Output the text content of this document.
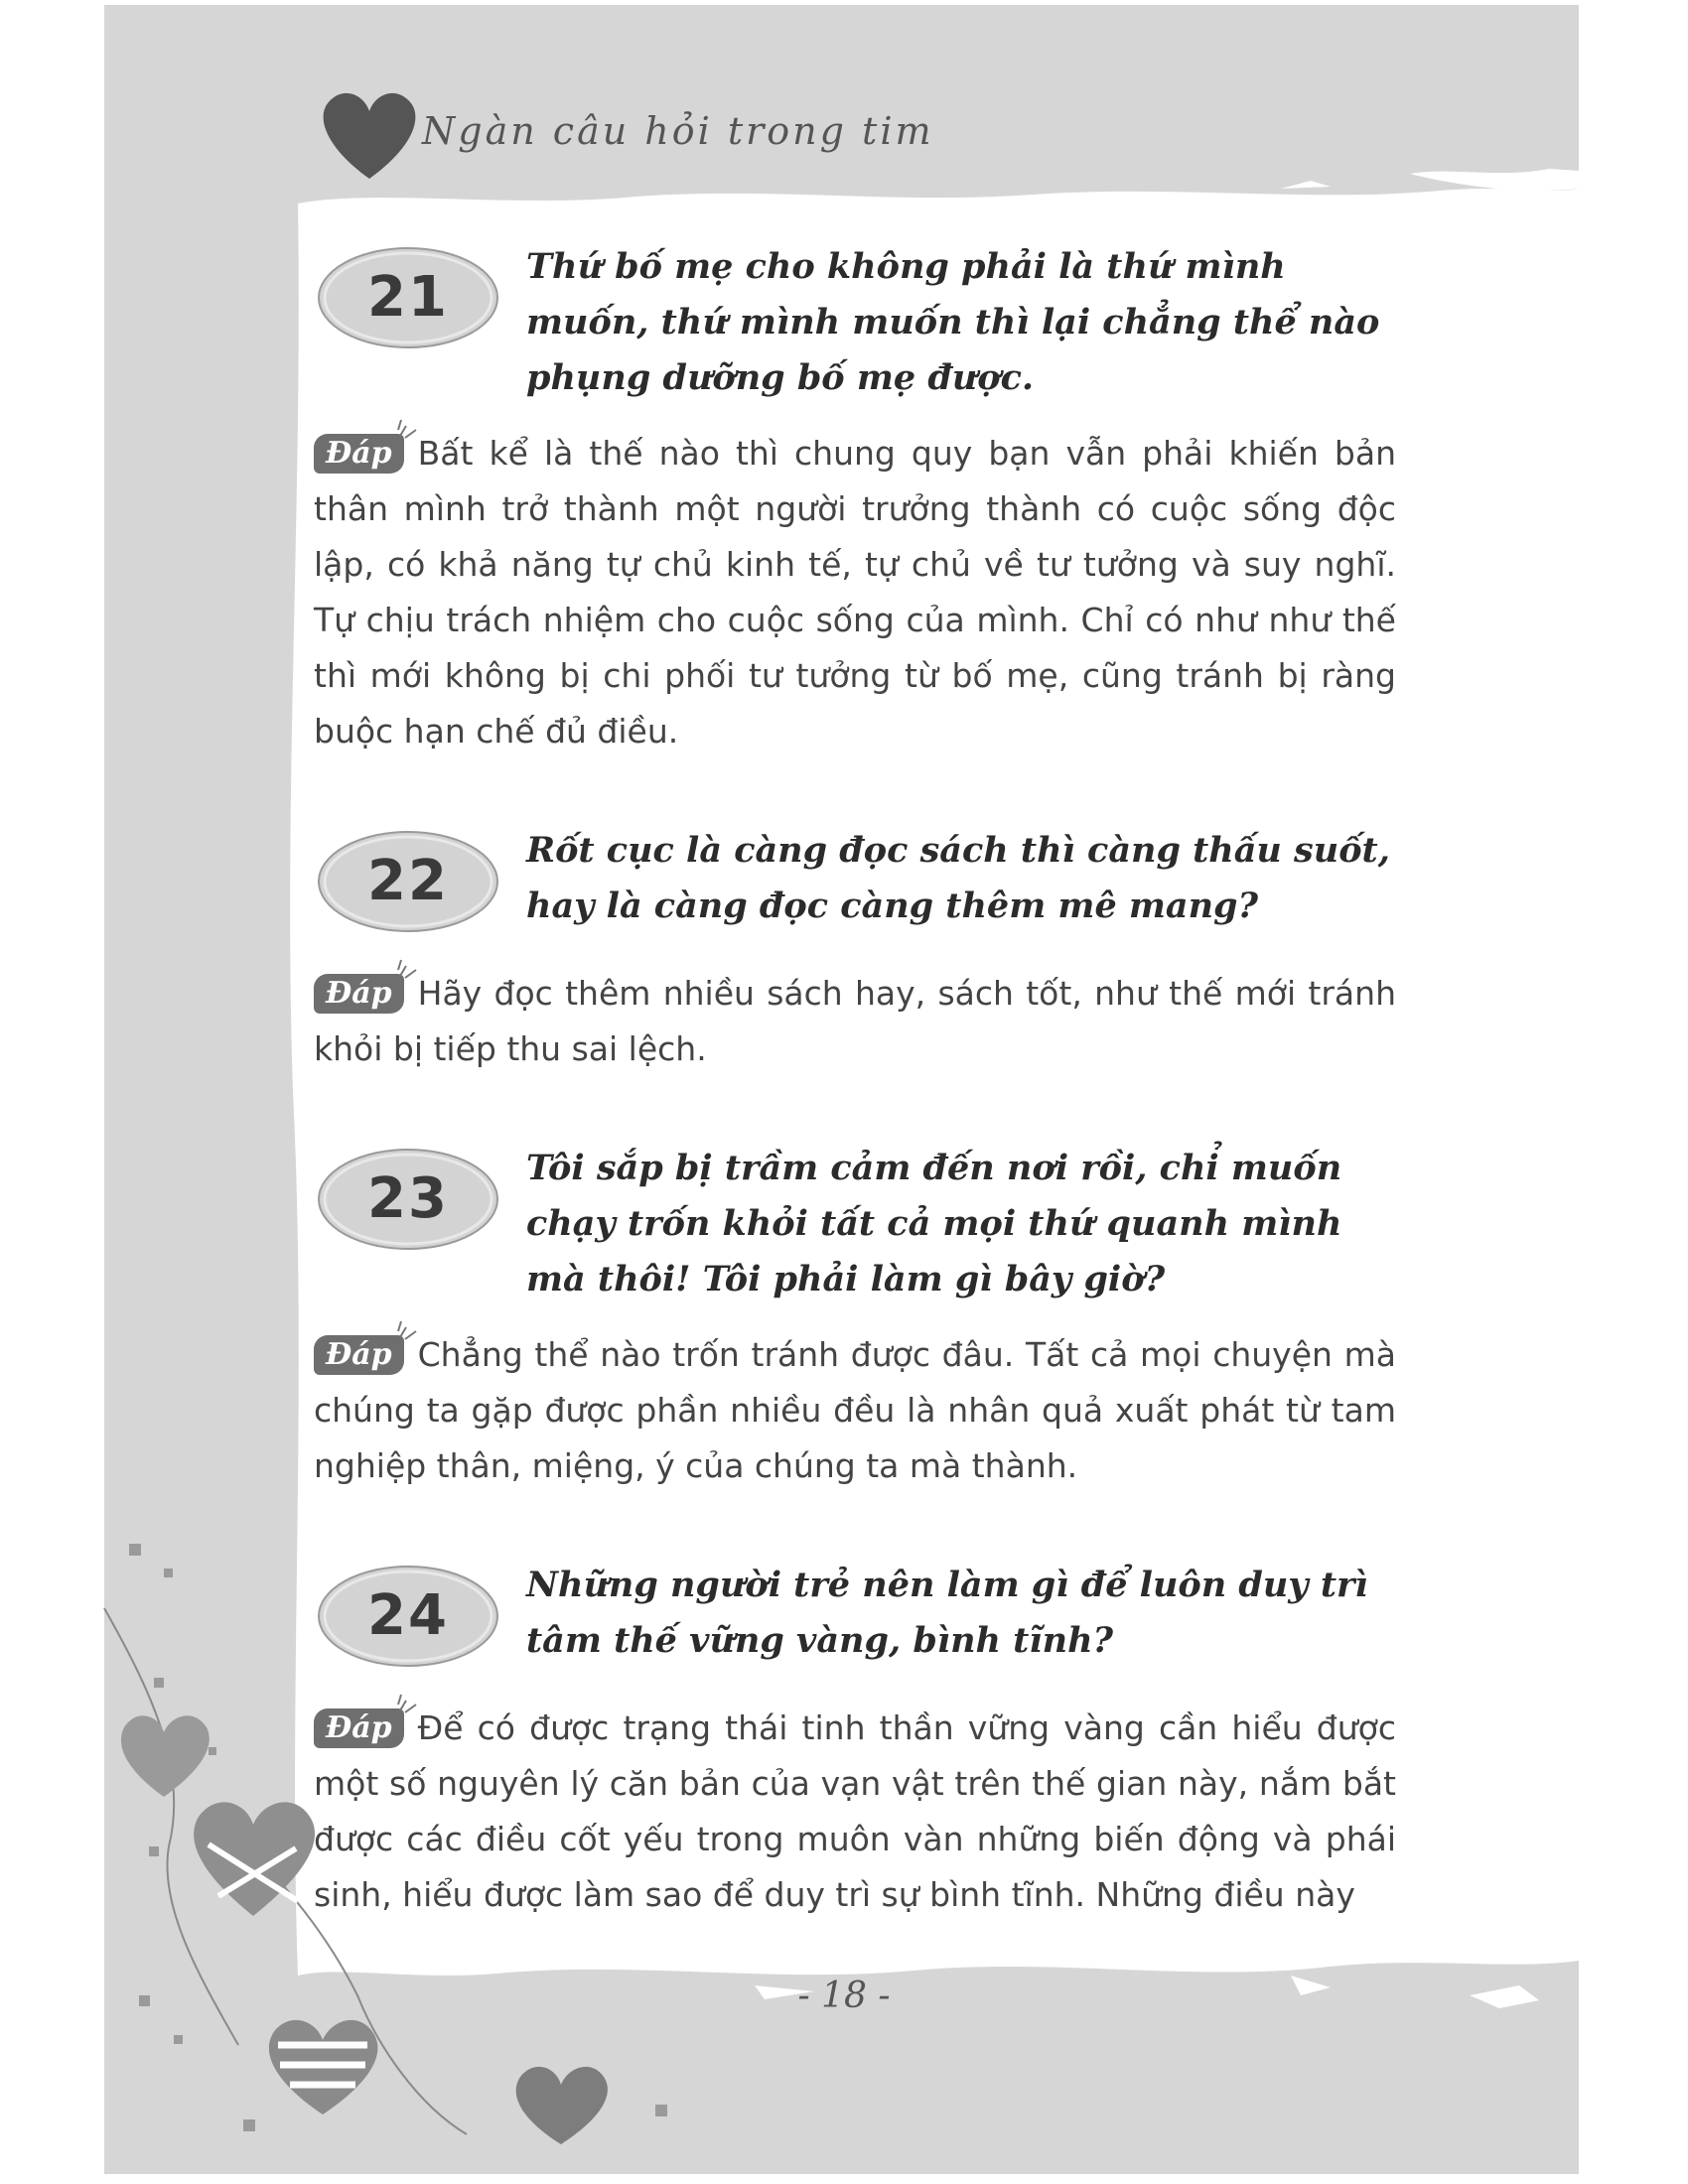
Ngàn câu hỏi trong tim
21	Thứ bố mẹ cho không phải là thứ mình muốn, thứ mình muốn thì lại chẳng thể nào phụng dưỡng bố mẹ được.
Đáp Bất kể là thế nào thì chung quy bạn vẫn phải khiến bản thân mình trở thành một người trưởng thành có cuộc sống độc lập, có khả năng tự chủ kinh tế, tự chủ về tư tưởng và suy nghĩ. Tự chịu trách nhiệm cho cuộc sống của mình. Chỉ có như như thế thì mới không bị chi phối tư tưởng từ bố mẹ, cũng tránh bị ràng buộc hạn chế đủ điều.
22	Rốt cục là càng đọc sách thì càng thấu suốt, hay là càng đọc càng thêm mê mang?
Đáp Hãy đọc thêm nhiều sách hay, sách tốt, như thế mới tránh khỏi bị tiếp thu sai lệch.
23	Tôi sắp bị trầm cảm đến nơi rồi, chỉ muốn chạy trốn khỏi tất cả mọi thứ quanh mình mà thôi! Tôi phải làm gì bây giờ?
Đáp Chẳng thể nào trốn tránh được đâu. Tất cả mọi chuyện mà chúng ta gặp được phần nhiều đều là nhân quả xuất phát từ tam nghiệp thân, miệng, ý của chúng ta mà thành.
24	Những người trẻ nên làm gì để luôn duy trì tâm thế vững vàng, bình tĩnh?
Đáp Để có được trạng thái tinh thần vững vàng cần hiểu được một số nguyên lý căn bản của vạn vật trên thế gian này, nắm bắt được các điều cốt yếu trong muôn vàn những biến động và phái sinh, hiểu được làm sao để duy trì sự bình tĩnh. Những điều này
- 18 -
